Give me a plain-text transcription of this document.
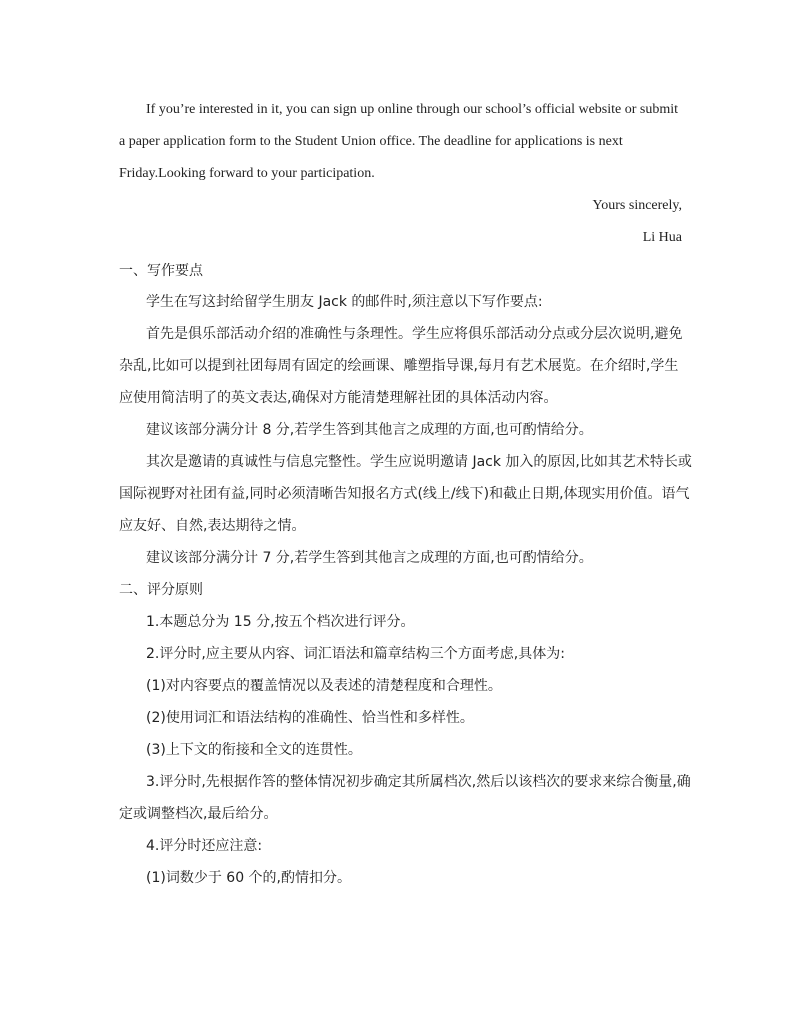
If you’re interested in it, you can sign up online through our school’s official website or submit
a paper application form to the Student Union office. The deadline for applications is next
Friday.Looking forward to your participation.
Yours sincerely,
Li Hua
一、写作要点
学生在写这封给留学生朋友 Jack 的邮件时,须注意以下写作要点:
首先是俱乐部活动介绍的准确性与条理性。学生应将俱乐部活动分点或分层次说明,避免
杂乱,比如可以提到社团每周有固定的绘画课、雕塑指导课,每月有艺术展览。在介绍时,学生
应使用简洁明了的英文表达,确保对方能清楚理解社团的具体活动内容。
建议该部分满分计 8 分,若学生答到其他言之成理的方面,也可酌情给分。
其次是邀请的真诚性与信息完整性。学生应说明邀请 Jack 加入的原因,比如其艺术特长或
国际视野对社团有益,同时必须清晰告知报名方式(线上/线下)和截止日期,体现实用价值。语气
应友好、自然,表达期待之情。
建议该部分满分计 7 分,若学生答到其他言之成理的方面,也可酌情给分。
二、评分原则
1.本题总分为 15 分,按五个档次进行评分。
2.评分时,应主要从内容、词汇语法和篇章结构三个方面考虑,具体为:
(1)对内容要点的覆盖情况以及表述的清楚程度和合理性。
(2)使用词汇和语法结构的准确性、恰当性和多样性。
(3)上下文的衔接和全文的连贯性。
3.评分时,先根据作答的整体情况初步确定其所属档次,然后以该档次的要求来综合衡量,确
定或调整档次,最后给分。
4.评分时还应注意:
(1)词数少于 60 个的,酌情扣分。
